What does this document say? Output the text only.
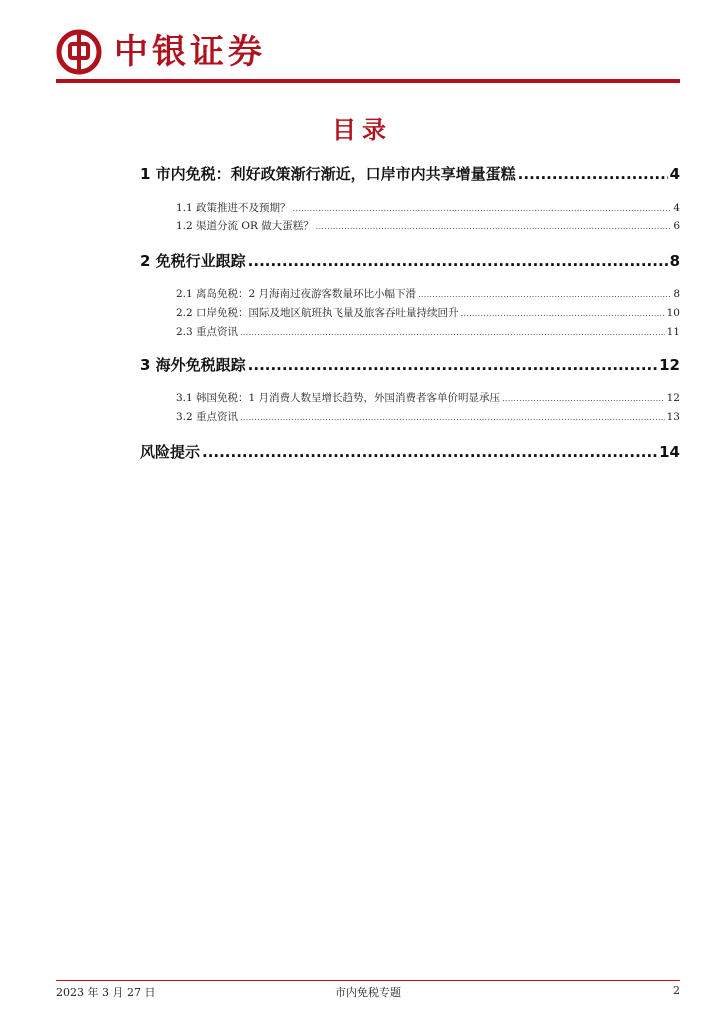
中银证券
目录
1 市内免税：利好政策渐行渐近，口岸市内共享增量蛋糕 .....	4
1.1 政策推进不及预期？ .....	4
1.2 渠道分流 OR 做大蛋糕？ .....	6
2 免税行业跟踪 .....	8
2.1 离岛免税：2 月海南过夜游客数量环比小幅下滑 .....	8
2.2 口岸免税：国际及地区航班执飞量及旅客吞吐量持续回升 .....	10
2.3 重点资讯 .....	11
3 海外免税跟踪 .....	12
3.1 韩国免税：1 月消费人数呈增长趋势，外国消费者客单价明显承压 .....	12
3.2 重点资讯 .....	13
风险提示 .....	14
2023 年 3 月 27 日	市内免税专题	2
